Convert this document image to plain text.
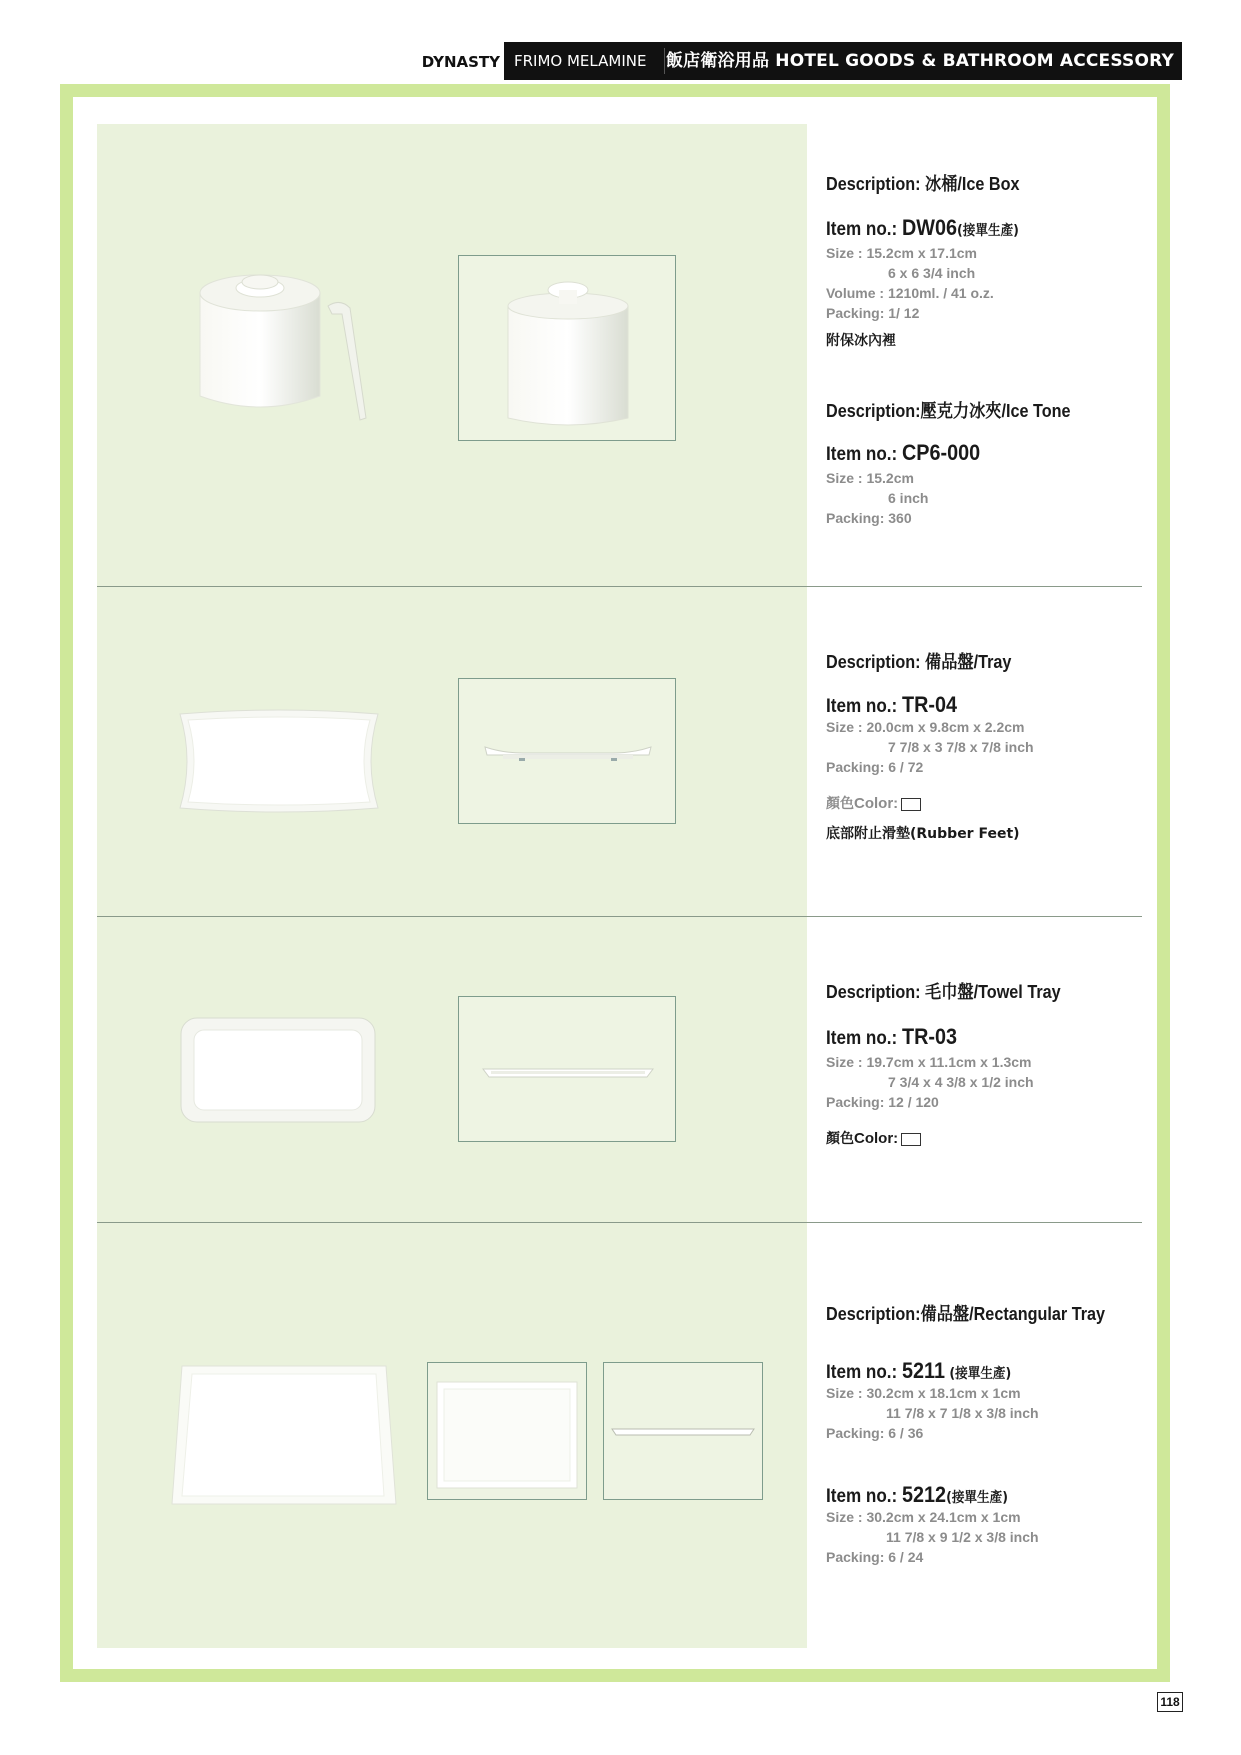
DYNASTY FRIMO MELAMINE 飯店衛浴用品 HOTEL GOODS & BATHROOM ACCESSORY
Description: 冰桶/Ice Box
Item no.: DW06(接單生產)
Size : 15.2cm x 17.1cm
6 x 6 3/4 inch
Volume : 1210ml. / 41 o.z.
Packing: 1/ 12
附保冰內裡
Description:壓克力冰夾/Ice Tone
Item no.: CP6-000
Size : 15.2cm
6 inch
Packing: 360
Description: 備品盤/Tray
Item no.: TR-04
Size : 20.0cm x 9.8cm x 2.2cm
7 7/8 x 3 7/8 x 7/8 inch
Packing: 6 / 72
顏色Color:
底部附止滑墊(Rubber Feet)
Description: 毛巾盤/Towel Tray
Item no.: TR-03
Size : 19.7cm x 11.1cm x 1.3cm
7 3/4 x 4 3/8 x 1/2 inch
Packing: 12 / 120
顏色Color:
Description:備品盤/Rectangular Tray
Item no.: 5211 (接單生產)
Size : 30.2cm x 18.1cm x 1cm
11 7/8 x 7 1/8 x 3/8 inch
Packing: 6 / 36
Item no.: 5212(接單生產)
Size : 30.2cm x 24.1cm x 1cm
11 7/8 x 9 1/2 x 3/8 inch
Packing: 6 / 24
118
